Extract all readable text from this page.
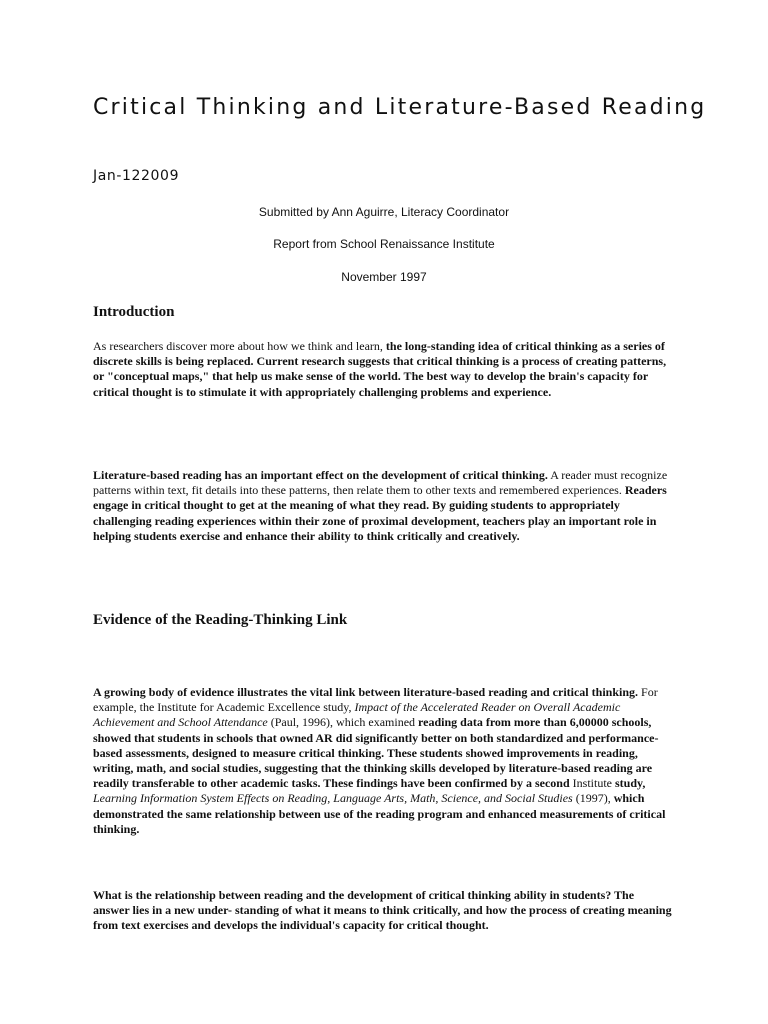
Critical Thinking and Literature-Based Reading
Jan-122009
Submitted by Ann Aguirre, Literacy Coordinator
Report from School Renaissance Institute
November 1997
Introduction

As researchers discover more about how we think and learn, the long-standing idea of critical thinking as a series of discrete skills is being replaced. Current research suggests that critical thinking is a process of creating patterns, or "conceptual maps," that help us make sense of the world. The best way to develop the brain's capacity for critical thought is to stimulate it with appropriately challenging problems and experience.

Literature-based reading has an important effect on the development of critical thinking. A reader must recognize patterns within text, fit details into these patterns, then relate them to other texts and remembered experiences. Readers engage in critical thought to get at the meaning of what they read. By guiding students to appropriately challenging reading experiences within their zone of proximal development, teachers play an important role in helping students exercise and enhance their ability to think critically and creatively.

Evidence of the Reading-Thinking Link

A growing body of evidence illustrates the vital link between literature-based reading and critical thinking. For example, the Institute for Academic Excellence study, Impact of the Accelerated Reader on Overall Academic Achievement and School Attendance (Paul, 1996), which examined reading data from more than 6,00000 schools, showed that students in schools that owned AR did significantly better on both standardized and performance-based assessments, designed to measure critical thinking. These students showed improvements in reading, writing, math, and social studies, suggesting that the thinking skills developed by literature-based reading are readily transferable to other academic tasks. These findings have been confirmed by a second Institute study, Learning Information System Effects on Reading, Language Arts, Math, Science, and Social Studies (1997), which demonstrated the same relationship between use of the reading program and enhanced measurements of critical thinking.

What is the relationship between reading and the development of critical thinking ability in students? The answer lies in a new under- standing of what it means to think critically, and how the process of creating meaning from text exercises and develops the individual's capacity for critical thought.
